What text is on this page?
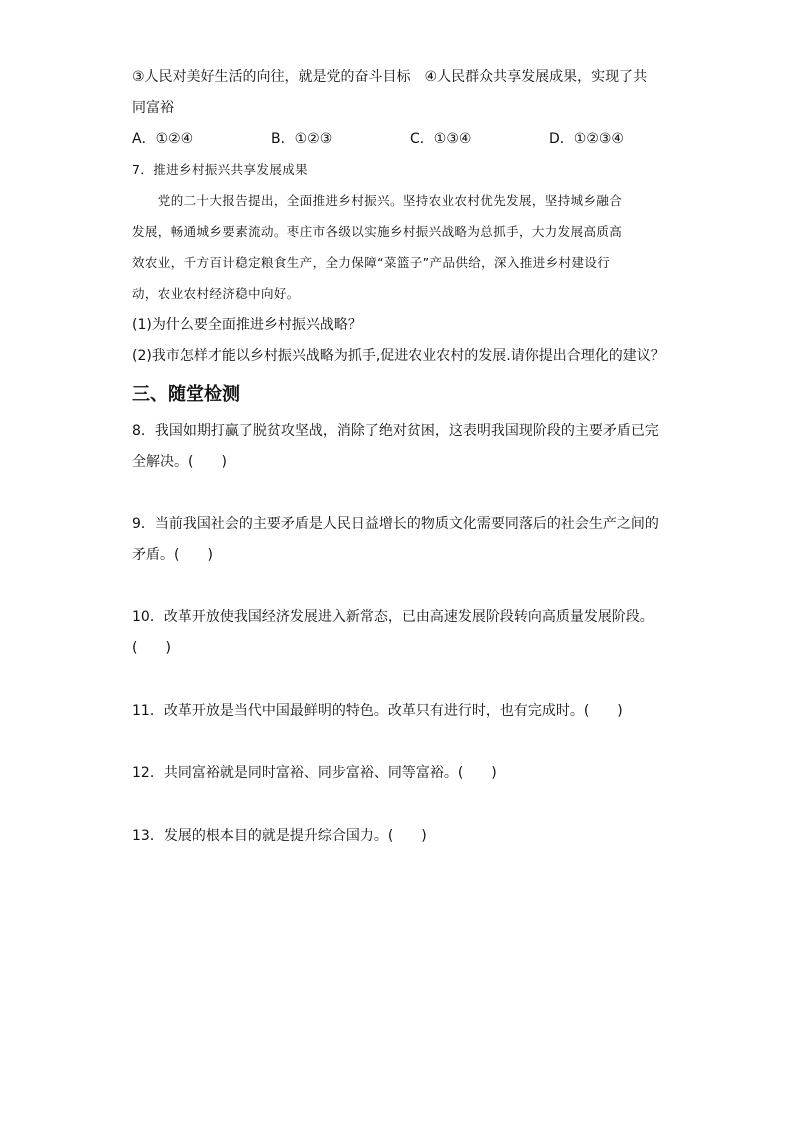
③人民对美好生活的向往，就是党的奋斗目标　④人民群众共享发展成果，实现了共
同富裕
A．①②④	B．①②③	C．①③④	D．①②③④
7．推进乡村振兴共享发展成果
　　党的二十大报告提出，全面推进乡村振兴。坚持农业农村优先发展，坚持城乡融合
发展，畅通城乡要素流动。枣庄市各级以实施乡村振兴战略为总抓手，大力发展高质高
效农业，千方百计稳定粮食生产，全力保障“菜篮子”产品供给，深入推进乡村建设行
动，农业农村经济稳中向好。
(1)为什么要全面推进乡村振兴战略？
(2)我市怎样才能以乡村振兴战略为抓手,促进农业农村的发展.请你提出合理化的建议？
三、随堂检测
8．我国如期打赢了脱贫攻坚战，消除了绝对贫困，这表明我国现阶段的主要矛盾已完
全解决。(　　)
9．当前我国社会的主要矛盾是人民日益增长的物质文化需要同落后的社会生产之间的
矛盾。(　　)
10．改革开放使我国经济发展进入新常态，已由高速发展阶段转向高质量发展阶段。
(　　)
11．改革开放是当代中国最鲜明的特色。改革只有进行时，也有完成时。(　　)
12．共同富裕就是同时富裕、同步富裕、同等富裕。(　　)
13．发展的根本目的就是提升综合国力。(　　)
